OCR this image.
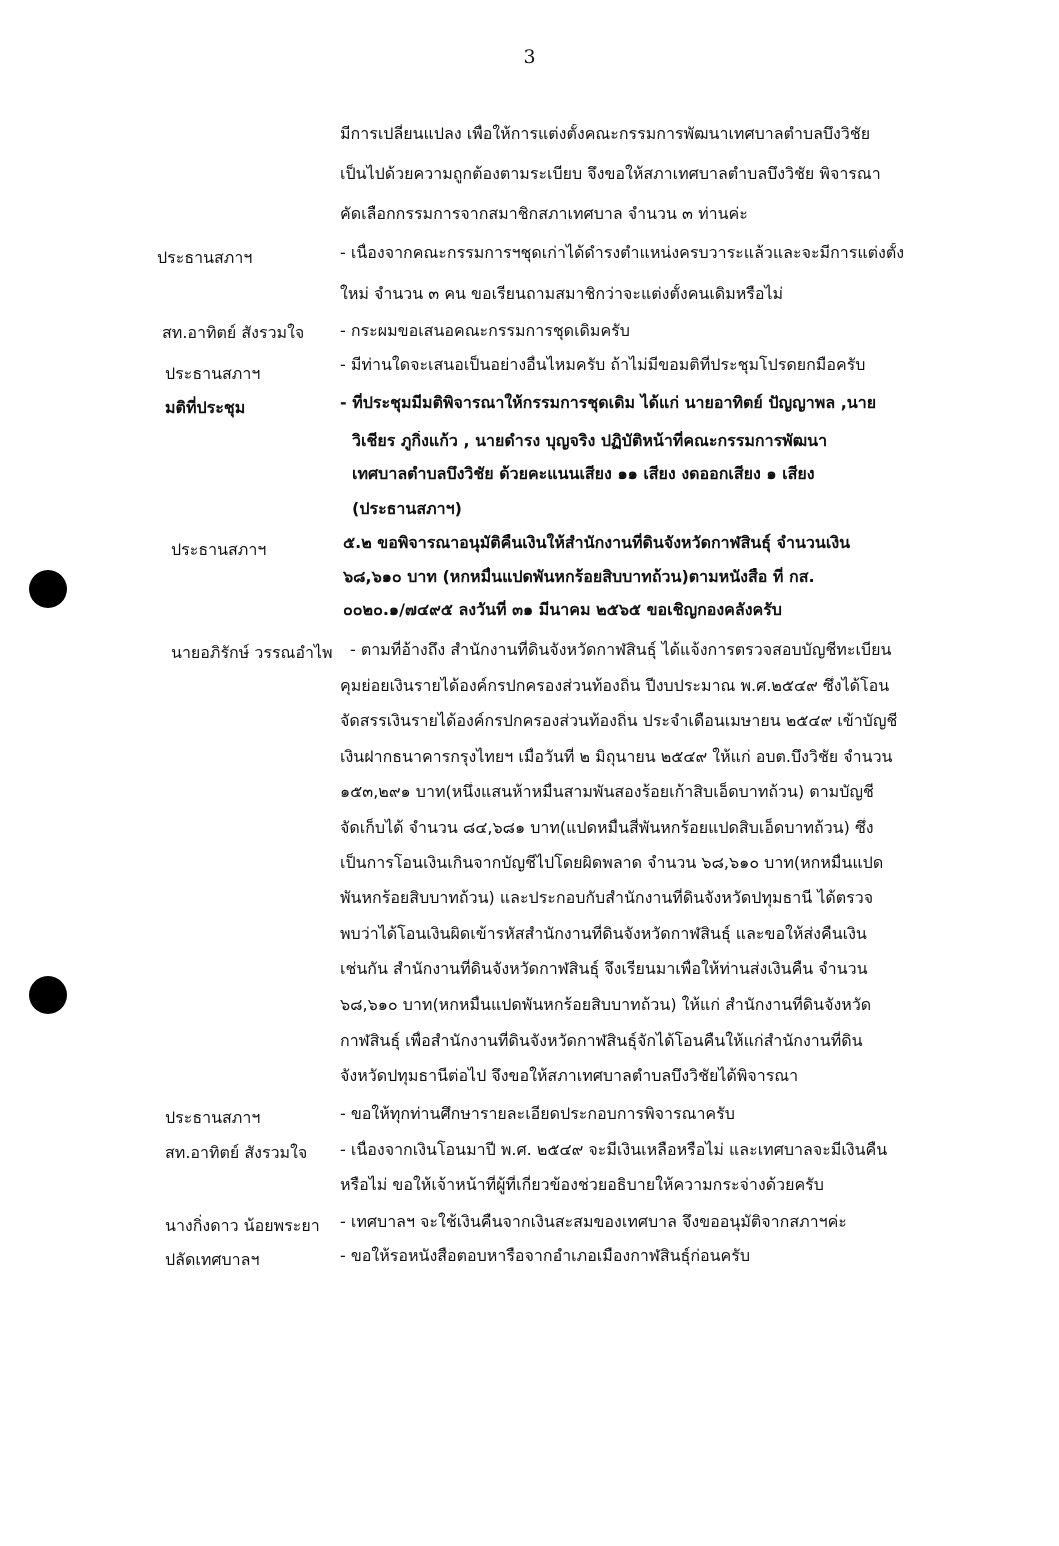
3
มีการเปลี่ยนแปลง เพื่อให้การแต่งตั้งคณะกรรมการพัฒนาเทศบาลตำบลบึงวิชัย
เป็นไปด้วยความถูกต้องตามระเบียบ จึงขอให้สภาเทศบาลตำบลบึงวิชัย พิจารณา
คัดเลือกกรรมการจากสมาชิกสภาเทศบาล จำนวน ๓ ท่านค่ะ
ประธานสภาฯ	- เนื่องจากคณะกรรมการฯชุดเก่าได้ดำรงตำแหน่งครบวาระแล้วและจะมีการแต่งตั้ง
ใหม่ จำนวน ๓ คน ขอเรียนถามสมาชิกว่าจะแต่งตั้งคนเดิมหรือไม่
สท.อาทิตย์ สังรวมใจ	- กระผมขอเสนอคณะกรรมการชุดเดิมครับ
ประธานสภาฯ	- มีท่านใดจะเสนอเป็นอย่างอื่นไหมครับ ถ้าไม่มีขอมติที่ประชุมโปรดยกมือครับ
มติที่ประชุม	- ที่ประชุมมีมติพิจารณาให้กรรมการชุดเดิม ได้แก่ นายอาทิตย์ ปัญญาพล ,นาย
วิเชียร ภูกิ่งแก้ว , นายดำรง บุญจริง ปฏิบัติหน้าที่คณะกรรมการพัฒนา
เทศบาลตำบลบึงวิชัย ด้วยคะแนนเสียง ๑๑ เสียง งดออกเสียง ๑ เสียง
(ประธานสภาฯ)
ประธานสภาฯ	๕.๒ ขอพิจารณาอนุมัติคืนเงินให้สำนักงานที่ดินจังหวัดกาฬสินธุ์ จำนวนเงิน
๖๘,๖๑๐ บาท (หกหมื่นแปดพันหกร้อยสิบบาทถ้วน)ตามหนังสือ ที่ กส.
๐๐๒๐.๑/๗๔๙๕ ลงวันที่ ๓๑ มีนาคม ๒๕๖๕ ขอเชิญกองคลังครับ
นายอภิรักษ์ วรรณอำไพ	- ตามที่อ้างถึง สำนักงานที่ดินจังหวัดกาฬสินธุ์ ได้แจ้งการตรวจสอบบัญชีทะเบียน
คุมย่อยเงินรายได้องค์กรปกครองส่วนท้องถิ่น ปีงบประมาณ พ.ศ.๒๕๔๙ ซึ่งได้โอน
จัดสรรเงินรายได้องค์กรปกครองส่วนท้องถิ่น ประจำเดือนเมษายน ๒๕๔๙ เข้าบัญชี
เงินฝากธนาคารกรุงไทยฯ เมื่อวันที่ ๒ มิถุนายน ๒๕๔๙ ให้แก่ อบต.บึงวิชัย จำนวน
๑๕๓,๒๙๑ บาท(หนึ่งแสนห้าหมื่นสามพันสองร้อยเก้าสิบเอ็ดบาทถ้วน) ตามบัญชี
จัดเก็บได้ จำนวน ๘๔,๖๘๑ บาท(แปดหมื่นสี่พันหกร้อยแปดสิบเอ็ดบาทถ้วน) ซึ่ง
เป็นการโอนเงินเกินจากบัญชีไปโดยผิดพลาด จำนวน ๖๘,๖๑๐ บาท(หกหมื่นแปด
พันหกร้อยสิบบาทถ้วน) และประกอบกับสำนักงานที่ดินจังหวัดปทุมธานี ได้ตรวจ
พบว่าได้โอนเงินผิดเข้ารหัสสำนักงานที่ดินจังหวัดกาฬสินธุ์ และขอให้ส่งคืนเงิน
เช่นกัน สำนักงานที่ดินจังหวัดกาฬสินธุ์ จึงเรียนมาเพื่อให้ท่านส่งเงินคืน จำนวน
๖๘,๖๑๐ บาท(หกหมื่นแปดพันหกร้อยสิบบาทถ้วน) ให้แก่ สำนักงานที่ดินจังหวัด
กาฬสินธุ์ เพื่อสำนักงานที่ดินจังหวัดกาฬสินธุ์จักได้โอนคืนให้แก่สำนักงานที่ดิน
จังหวัดปทุมธานีต่อไป จึงขอให้สภาเทศบาลตำบลบึงวิชัยได้พิจารณา
ประธานสภาฯ	- ขอให้ทุกท่านศึกษารายละเอียดประกอบการพิจารณาครับ
สท.อาทิตย์ สังรวมใจ	- เนื่องจากเงินโอนมาปี พ.ศ. ๒๕๔๙ จะมีเงินเหลือหรือไม่ และเทศบาลจะมีเงินคืน
หรือไม่ ขอให้เจ้าหน้าที่ผู้ที่เกี่ยวข้องช่วยอธิบายให้ความกระจ่างด้วยครับ
นางกิ่งดาว น้อยพระยา	- เทศบาลฯ จะใช้เงินคืนจากเงินสะสมของเทศบาล จึงขออนุมัติจากสภาฯค่ะ
ปลัดเทศบาลฯ	- ขอให้รอหนังสือตอบหารือจากอำเภอเมืองกาฬสินธุ์ก่อนครับ
